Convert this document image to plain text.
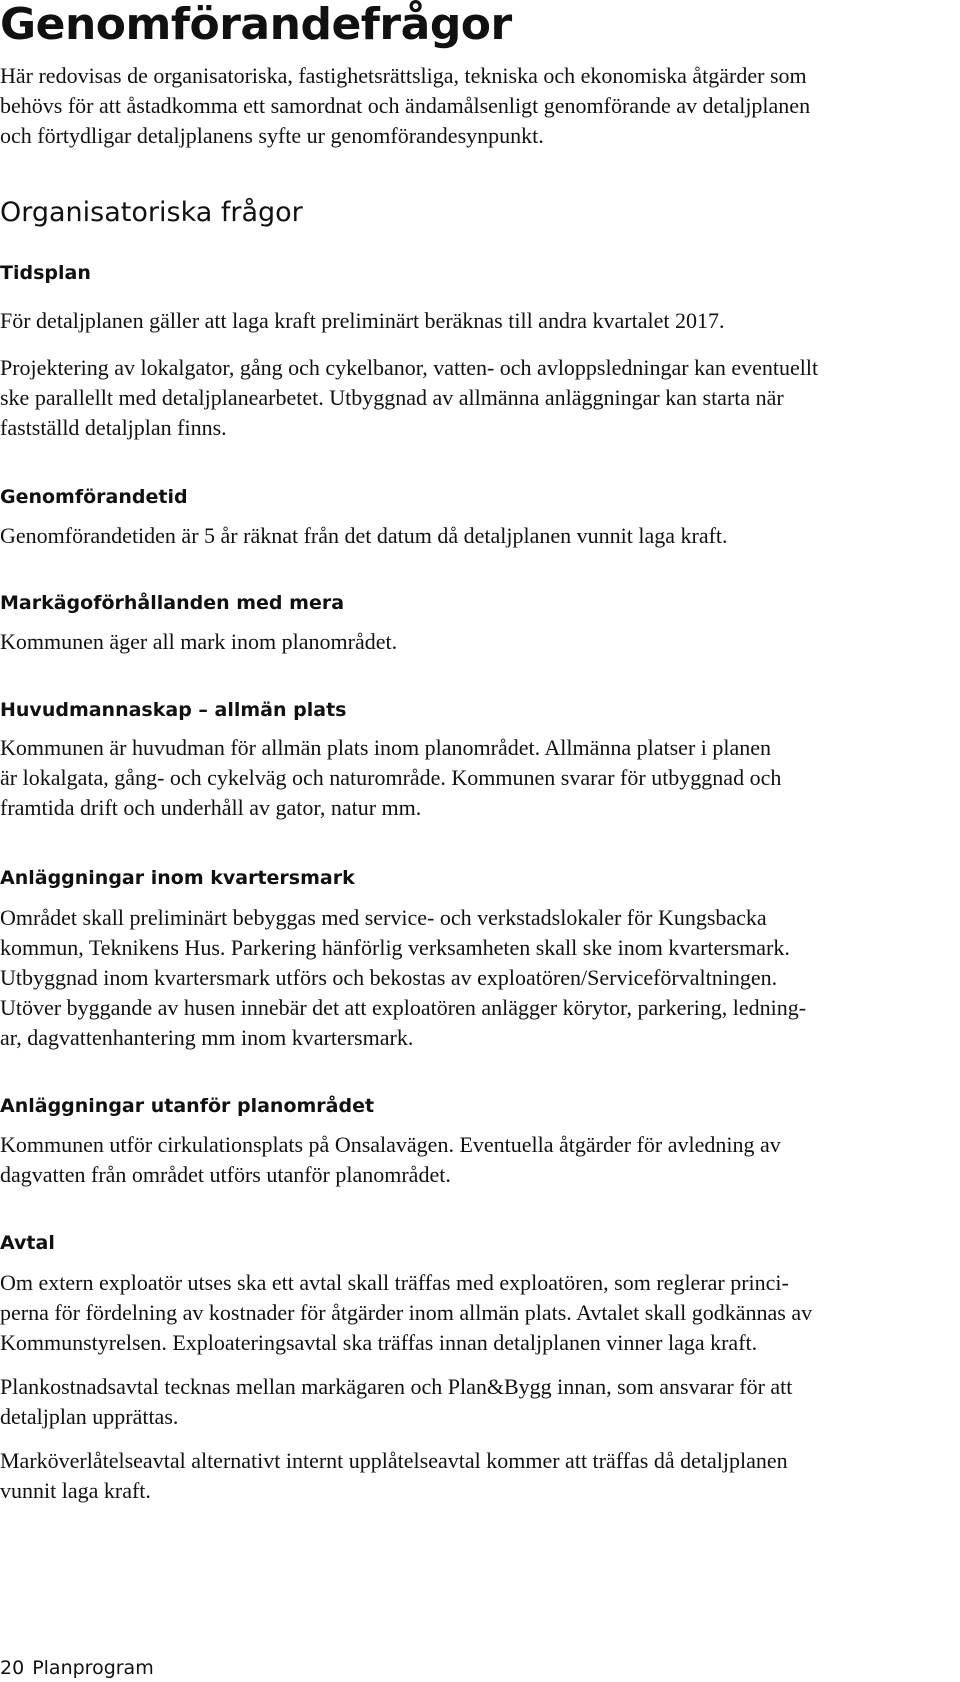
Genomförandefrågor
Här redovisas de organisatoriska, fastighetsrättsliga, tekniska och ekonomiska åtgärder som
behövs för att åstadkomma ett samordnat och ändamålsenligt genomförande av detaljplanen
och förtydligar detaljplanens syfte ur genomförandesynpunkt.
Organisatoriska frågor
Tidsplan
För detaljplanen gäller att laga kraft preliminärt beräknas till andra kvartalet 2017.
Projektering av lokalgator, gång och cykelbanor, vatten- och avloppsledningar kan eventuellt
ske parallellt med detaljplanearbetet. Utbyggnad av allmänna anläggningar kan starta när
fastställd detaljplan finns.
Genomförandetid
Genomförandetiden är 5 år räknat från det datum då detaljplanen vunnit laga kraft.
Markägoförhållanden med mera
Kommunen äger all mark inom planområdet.
Huvudmannaskap – allmän plats
Kommunen är huvudman för allmän plats inom planområdet. Allmänna platser i planen
är lokalgata, gång- och cykelväg och naturområde. Kommunen svarar för utbyggnad och
framtida drift och underhåll av gator, natur mm.
Anläggningar inom kvartersmark
Området skall preliminärt bebyggas med service- och verkstadslokaler för Kungsbacka
kommun, Teknikens Hus. Parkering hänförlig verksamheten skall ske inom kvartersmark.
Utbyggnad inom kvartersmark utförs och bekostas av exploatören/Serviceförvaltningen.
Utöver byggande av husen innebär det att exploatören anlägger körytor, parkering, ledning-
ar, dagvattenhantering mm inom kvartersmark.
Anläggningar utanför planområdet
Kommunen utför cirkulationsplats på Onsalavägen. Eventuella åtgärder för avledning av
dagvatten från området utförs utanför planområdet.
Avtal
Om extern exploatör utses ska ett avtal skall träffas med exploatören, som reglerar princi-
perna för fördelning av kostnader för åtgärder inom allmän plats. Avtalet skall godkännas av
Kommunstyrelsen. Exploateringsavtal ska träffas innan detaljplanen vinner laga kraft.
Plankostnadsavtal tecknas mellan markägaren och Plan&Bygg innan, som ansvarar för att
detaljplan upprättas.
Marköverlåtelseavtal alternativt internt upplåtelseavtal kommer att träffas då detaljplanen
vunnit laga kraft.
20 Planprogram
